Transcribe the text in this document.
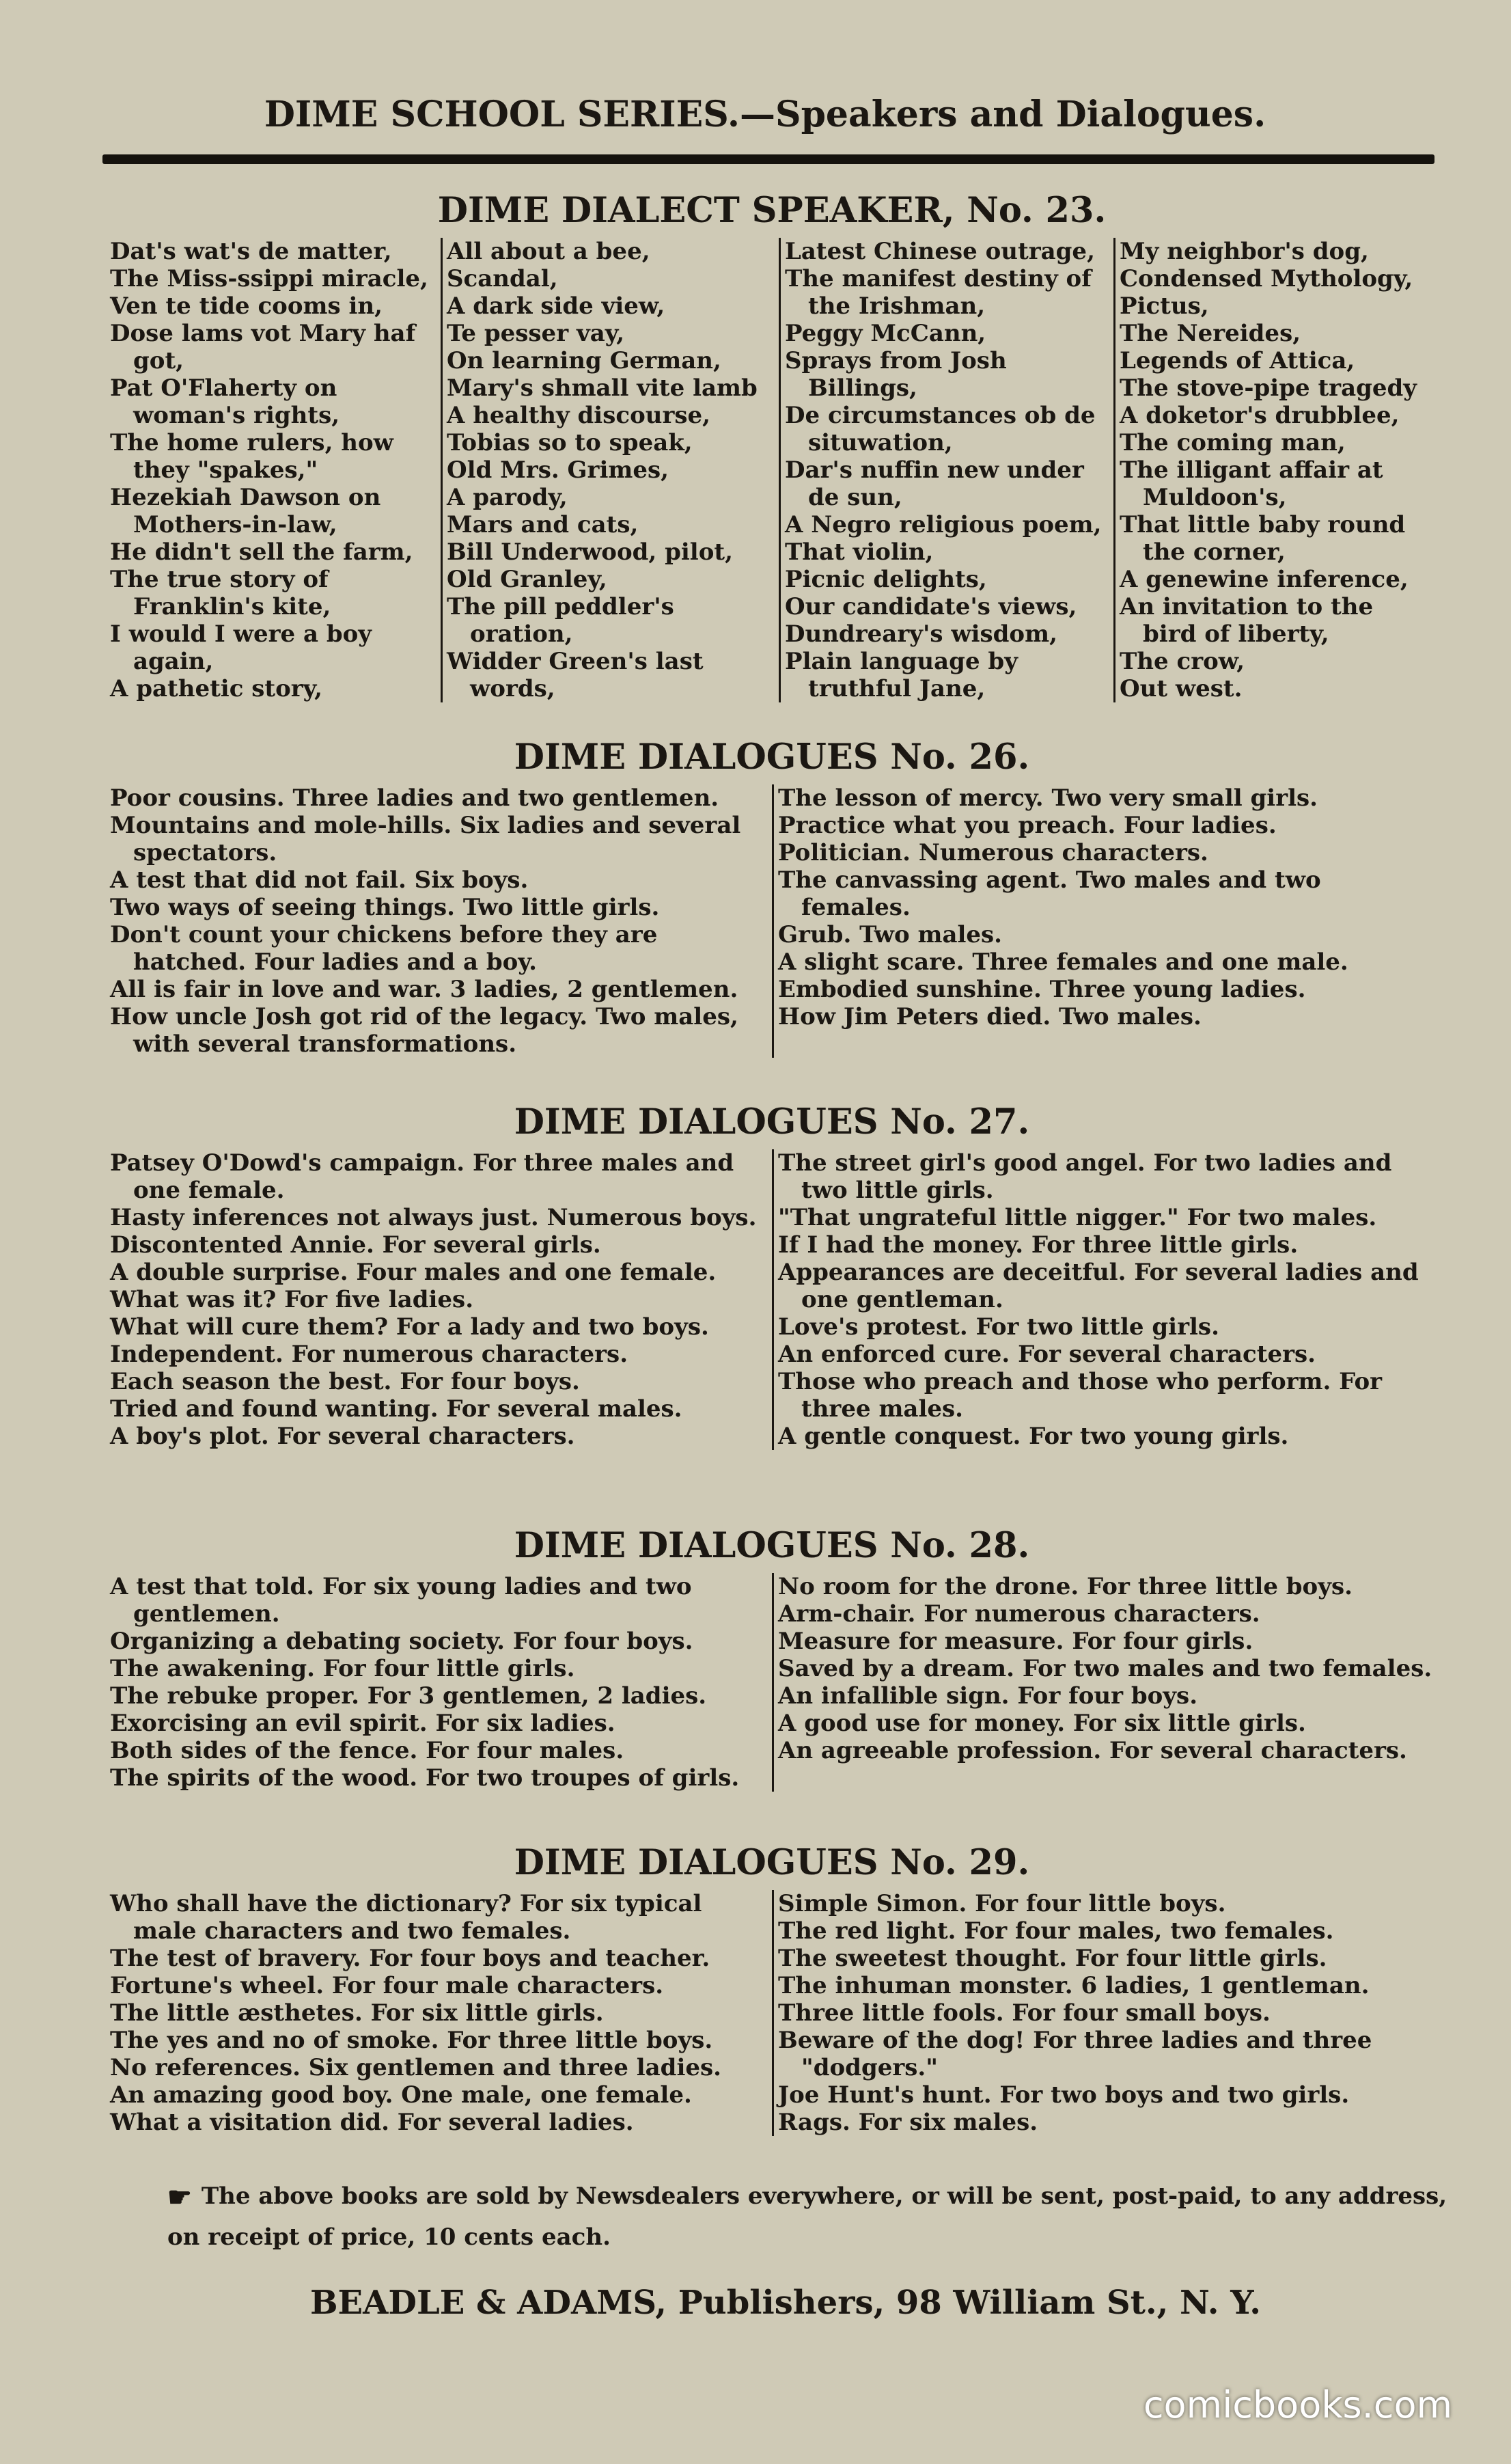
DIME SCHOOL SERIES.—Speakers and Dialogues.
DIME DIALECT SPEAKER, No. 23.

Dat's wat's de matter,

The Miss-ssippi miracle,

Ven te tide cooms in,

Dose lams vot Mary haf got,

Pat O'Flaherty on woman's rights,

The home rulers, how they "spakes,"

Hezekiah Dawson on Mothers-in-law,

He didn't sell the farm,

The true story of Franklin's kite,

I would I were a boy again,

A pathetic story,

All about a bee,

Scandal,

A dark side view,

Te pesser vay,

On learning German,

Mary's shmall vite lamb

A healthy discourse,

Tobias so to speak,

Old Mrs. Grimes,

A parody,

Mars and cats,

Bill Underwood, pilot,

Old Granley,

The pill peddler's oration,

Widder Green's last words,

Latest Chinese outrage,

The manifest destiny of the Irishman,

Peggy McCann,

Sprays from Josh Billings,

De circumstances ob de situwation,

Dar's nuffin new under de sun,

A Negro religious poem,

That violin,

Picnic delights,

Our candidate's views,

Dundreary's wisdom,

Plain language by truthful Jane,

My neighbor's dog,

Condensed Mythology,

Pictus,

The Nereides,

Legends of Attica,

The stove-pipe tragedy

A doketor's drubblee,

The coming man,

The illigant affair at Muldoon's,

That little baby round the corner,

A genewine inference,

An invitation to the bird of liberty,

The crow,

Out west.

DIME DIALOGUES No. 26.

Poor cousins. Three ladies and two gentlemen.

Mountains and mole-hills. Six ladies and several spectators.

A test that did not fail. Six boys.

Two ways of seeing things. Two little girls.

Don't count your chickens before they are hatched. Four ladies and a boy.

All is fair in love and war. 3 ladies, 2 gentlemen.

How uncle Josh got rid of the legacy. Two males, with several transformations.

The lesson of mercy. Two very small girls.

Practice what you preach. Four ladies.

Politician. Numerous characters.

The canvassing agent. Two males and two females.

Grub. Two males.

A slight scare. Three females and one male.

Embodied sunshine. Three young ladies.

How Jim Peters died. Two males.

DIME DIALOGUES No. 27.

Patsey O'Dowd's campaign. For three males and one female.

Hasty inferences not always just. Numerous boys.

Discontented Annie. For several girls.

A double surprise. Four males and one female.

What was it? For five ladies.

What will cure them? For a lady and two boys.

Independent. For numerous characters.

Each season the best. For four boys.

Tried and found wanting. For several males.

A boy's plot. For several characters.

The street girl's good angel. For two ladies and two little girls.

"That ungrateful little nigger." For two males.

If I had the money. For three little girls.

Appearances are deceitful. For several ladies and one gentleman.

Love's protest. For two little girls.

An enforced cure. For several characters.

Those who preach and those who perform. For three males.

A gentle conquest. For two young girls.

DIME DIALOGUES No. 28.

A test that told. For six young ladies and two gentlemen.

Organizing a debating society. For four boys.

The awakening. For four little girls.

The rebuke proper. For 3 gentlemen, 2 ladies.

Exorcising an evil spirit. For six ladies.

Both sides of the fence. For four males.

The spirits of the wood. For two troupes of girls.

No room for the drone. For three little boys.

Arm-chair. For numerous characters.

Measure for measure. For four girls.

Saved by a dream. For two males and two females.

An infallible sign. For four boys.

A good use for money. For six little girls.

An agreeable profession. For several characters.

DIME DIALOGUES No. 29.

Who shall have the dictionary? For six typical male characters and two females.

The test of bravery. For four boys and teacher.

Fortune's wheel. For four male characters.

The little æsthetes. For six little girls.

The yes and no of smoke. For three little boys.

No references. Six gentlemen and three ladies.

An amazing good boy. One male, one female.

What a visitation did. For several ladies.

Simple Simon. For four little boys.

The red light. For four males, two females.

The sweetest thought. For four little girls.

The inhuman monster. 6 ladies, 1 gentleman.

Three little fools. For four small boys.

Beware of the dog! For three ladies and three "dodgers."

Joe Hunt's hunt. For two boys and two girls.

Rags. For six males.

☛ The above books are sold by Newsdealers everywhere, or will be sent, post-paid, to any address, on receipt of price, 10 cents each.
BEADLE & ADAMS, Publishers, 98 William St., N. Y.
comicbooks.com
